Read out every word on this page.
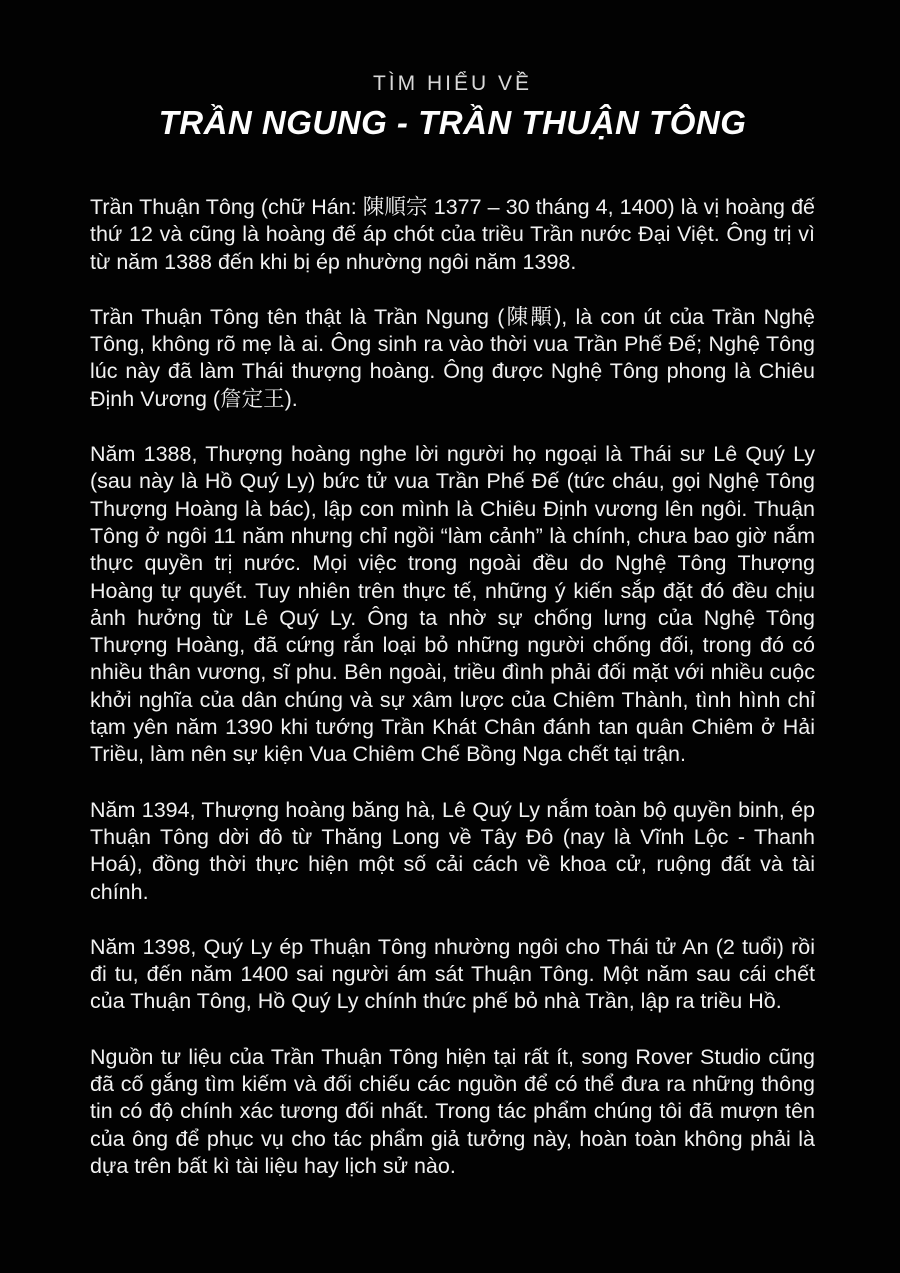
TÌM HIỂU VỀ
TRẦN NGUNG - TRẦN THUẬN TÔNG

Trần Thuận Tông (chữ Hán: 陳順宗 1377 – 30 tháng 4, 1400) là vị hoàng đế thứ 12 và cũng là hoàng đế áp chót của triều Trần nước Đại Việt. Ông trị vì từ năm 1388 đến khi bị ép nhường ngôi năm 1398.

Trần Thuận Tông tên thật là Trần Ngung (陳顒), là con út của Trần Nghệ Tông, không rõ mẹ là ai. Ông sinh ra vào thời vua Trần Phế Đế; Nghệ Tông lúc này đã làm Thái thượng hoàng. Ông được Nghệ Tông phong là Chiêu Định Vương (詹定王).

Năm 1388, Thượng hoàng nghe lời người họ ngoại là Thái sư Lê Quý Ly (sau này là Hồ Quý Ly) bức tử vua Trần Phế Đế (tức cháu, gọi Nghệ Tông Thượng Hoàng là bác), lập con mình là Chiêu Định vương lên ngôi. Thuận Tông ở ngôi 11 năm nhưng chỉ ngồi “làm cảnh” là chính, chưa bao giờ nắm thực quyền trị nước. Mọi việc trong ngoài đều do Nghệ Tông Thượng Hoàng tự quyết. Tuy nhiên trên thực tế, những ý kiến sắp đặt đó đều chịu ảnh hưởng từ Lê Quý Ly. Ông ta nhờ sự chống lưng của Nghệ Tông Thượng Hoàng, đã cứng rắn loại bỏ những người chống đối, trong đó có nhiều thân vương, sĩ phu. Bên ngoài, triều đình phải đối mặt với nhiều cuộc khởi nghĩa của dân chúng và sự xâm lược của Chiêm Thành, tình hình chỉ tạm yên năm 1390 khi tướng Trần Khát Chân đánh tan quân Chiêm ở Hải Triều, làm nên sự kiện Vua Chiêm Chế Bồng Nga chết tại trận.

Năm 1394, Thượng hoàng băng hà, Lê Quý Ly nắm toàn bộ quyền binh, ép Thuận Tông dời đô từ Thăng Long về Tây Đô (nay là Vĩnh Lộc - Thanh Hoá), đồng thời thực hiện một số cải cách về khoa cử, ruộng đất và tài chính.

Năm 1398, Quý Ly ép Thuận Tông nhường ngôi cho Thái tử An (2 tuổi) rồi đi tu, đến năm 1400 sai người ám sát Thuận Tông. Một năm sau cái chết của Thuận Tông, Hồ Quý Ly chính thức phế bỏ nhà Trần, lập ra triều Hồ.

Nguồn tư liệu của Trần Thuận Tông hiện tại rất ít, song Rover Studio cũng đã cố gắng tìm kiếm và đối chiếu các nguồn để có thể đưa ra những thông tin có độ chính xác tương đối nhất. Trong tác phẩm chúng tôi đã mượn tên của ông để phục vụ cho tác phẩm giả tưởng này, hoàn toàn không phải là dựa trên bất kì tài liệu hay lịch sử nào.
